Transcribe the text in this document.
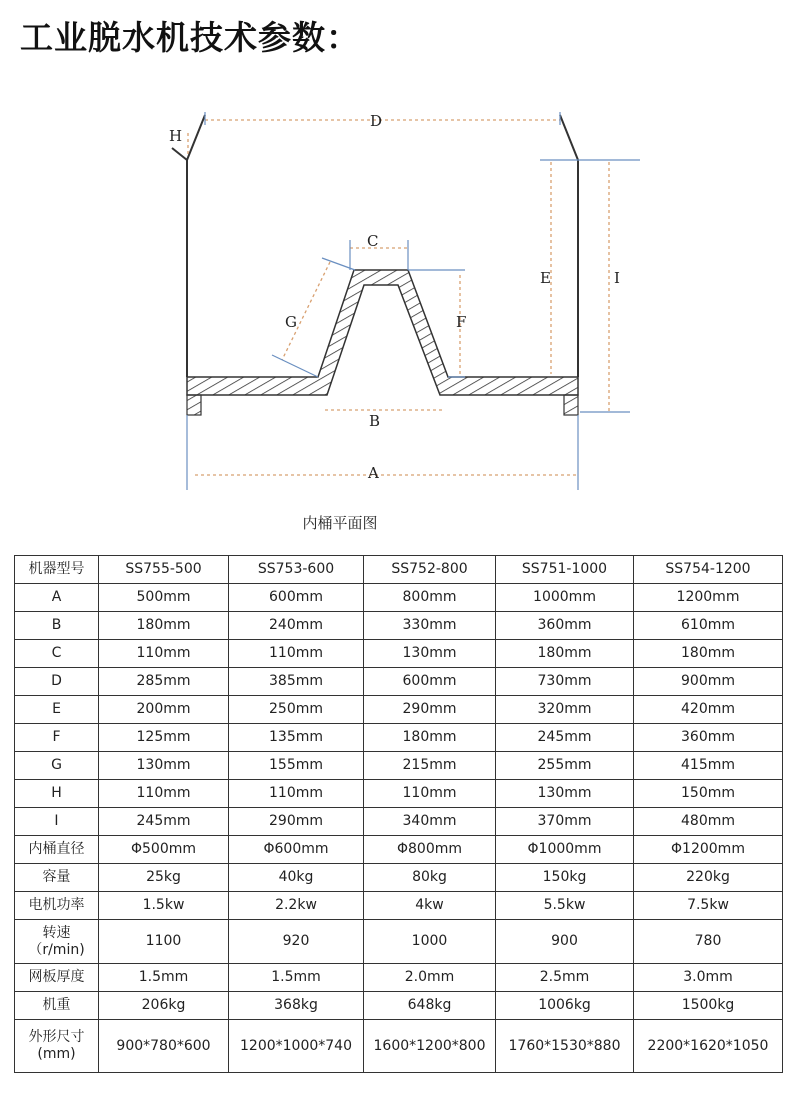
工业脱水机技术参数：
D
H
C
E	I
G	F
B
A
内桶平面图
机器型号	SS755-500	SS753-600	SS752-800	SS751-1000	SS754-1200

A	500mm	600mm	800mm	1000mm	1200mm

B	180mm	240mm	330mm	360mm	610mm

C	110mm	110mm	130mm	180mm	180mm

D	285mm	385mm	600mm	730mm	900mm

E	200mm	250mm	290mm	320mm	420mm

F	125mm	135mm	180mm	245mm	360mm

G	130mm	155mm	215mm	255mm	415mm

H	110mm	110mm	110mm	130mm	150mm

I	245mm	290mm	340mm	370mm	480mm

内桶直径	Φ500mm	Φ600mm	Φ800mm	Φ1000mm	Φ1200mm

容量	25kg	40kg	80kg	150kg	220kg

电机功率	1.5kw	2.2kw	4kw	5.5kw	7.5kw

转速
（r/min)	1100	920	1000	900	780

网板厚度	1.5mm	1.5mm	2.0mm	2.5mm	3.0mm

机重	206kg	368kg	648kg	1006kg	1500kg

外形尺寸
(mm)	900*780*600	1200*1000*740	1600*1200*800	1760*1530*880	2200*1620*1050
